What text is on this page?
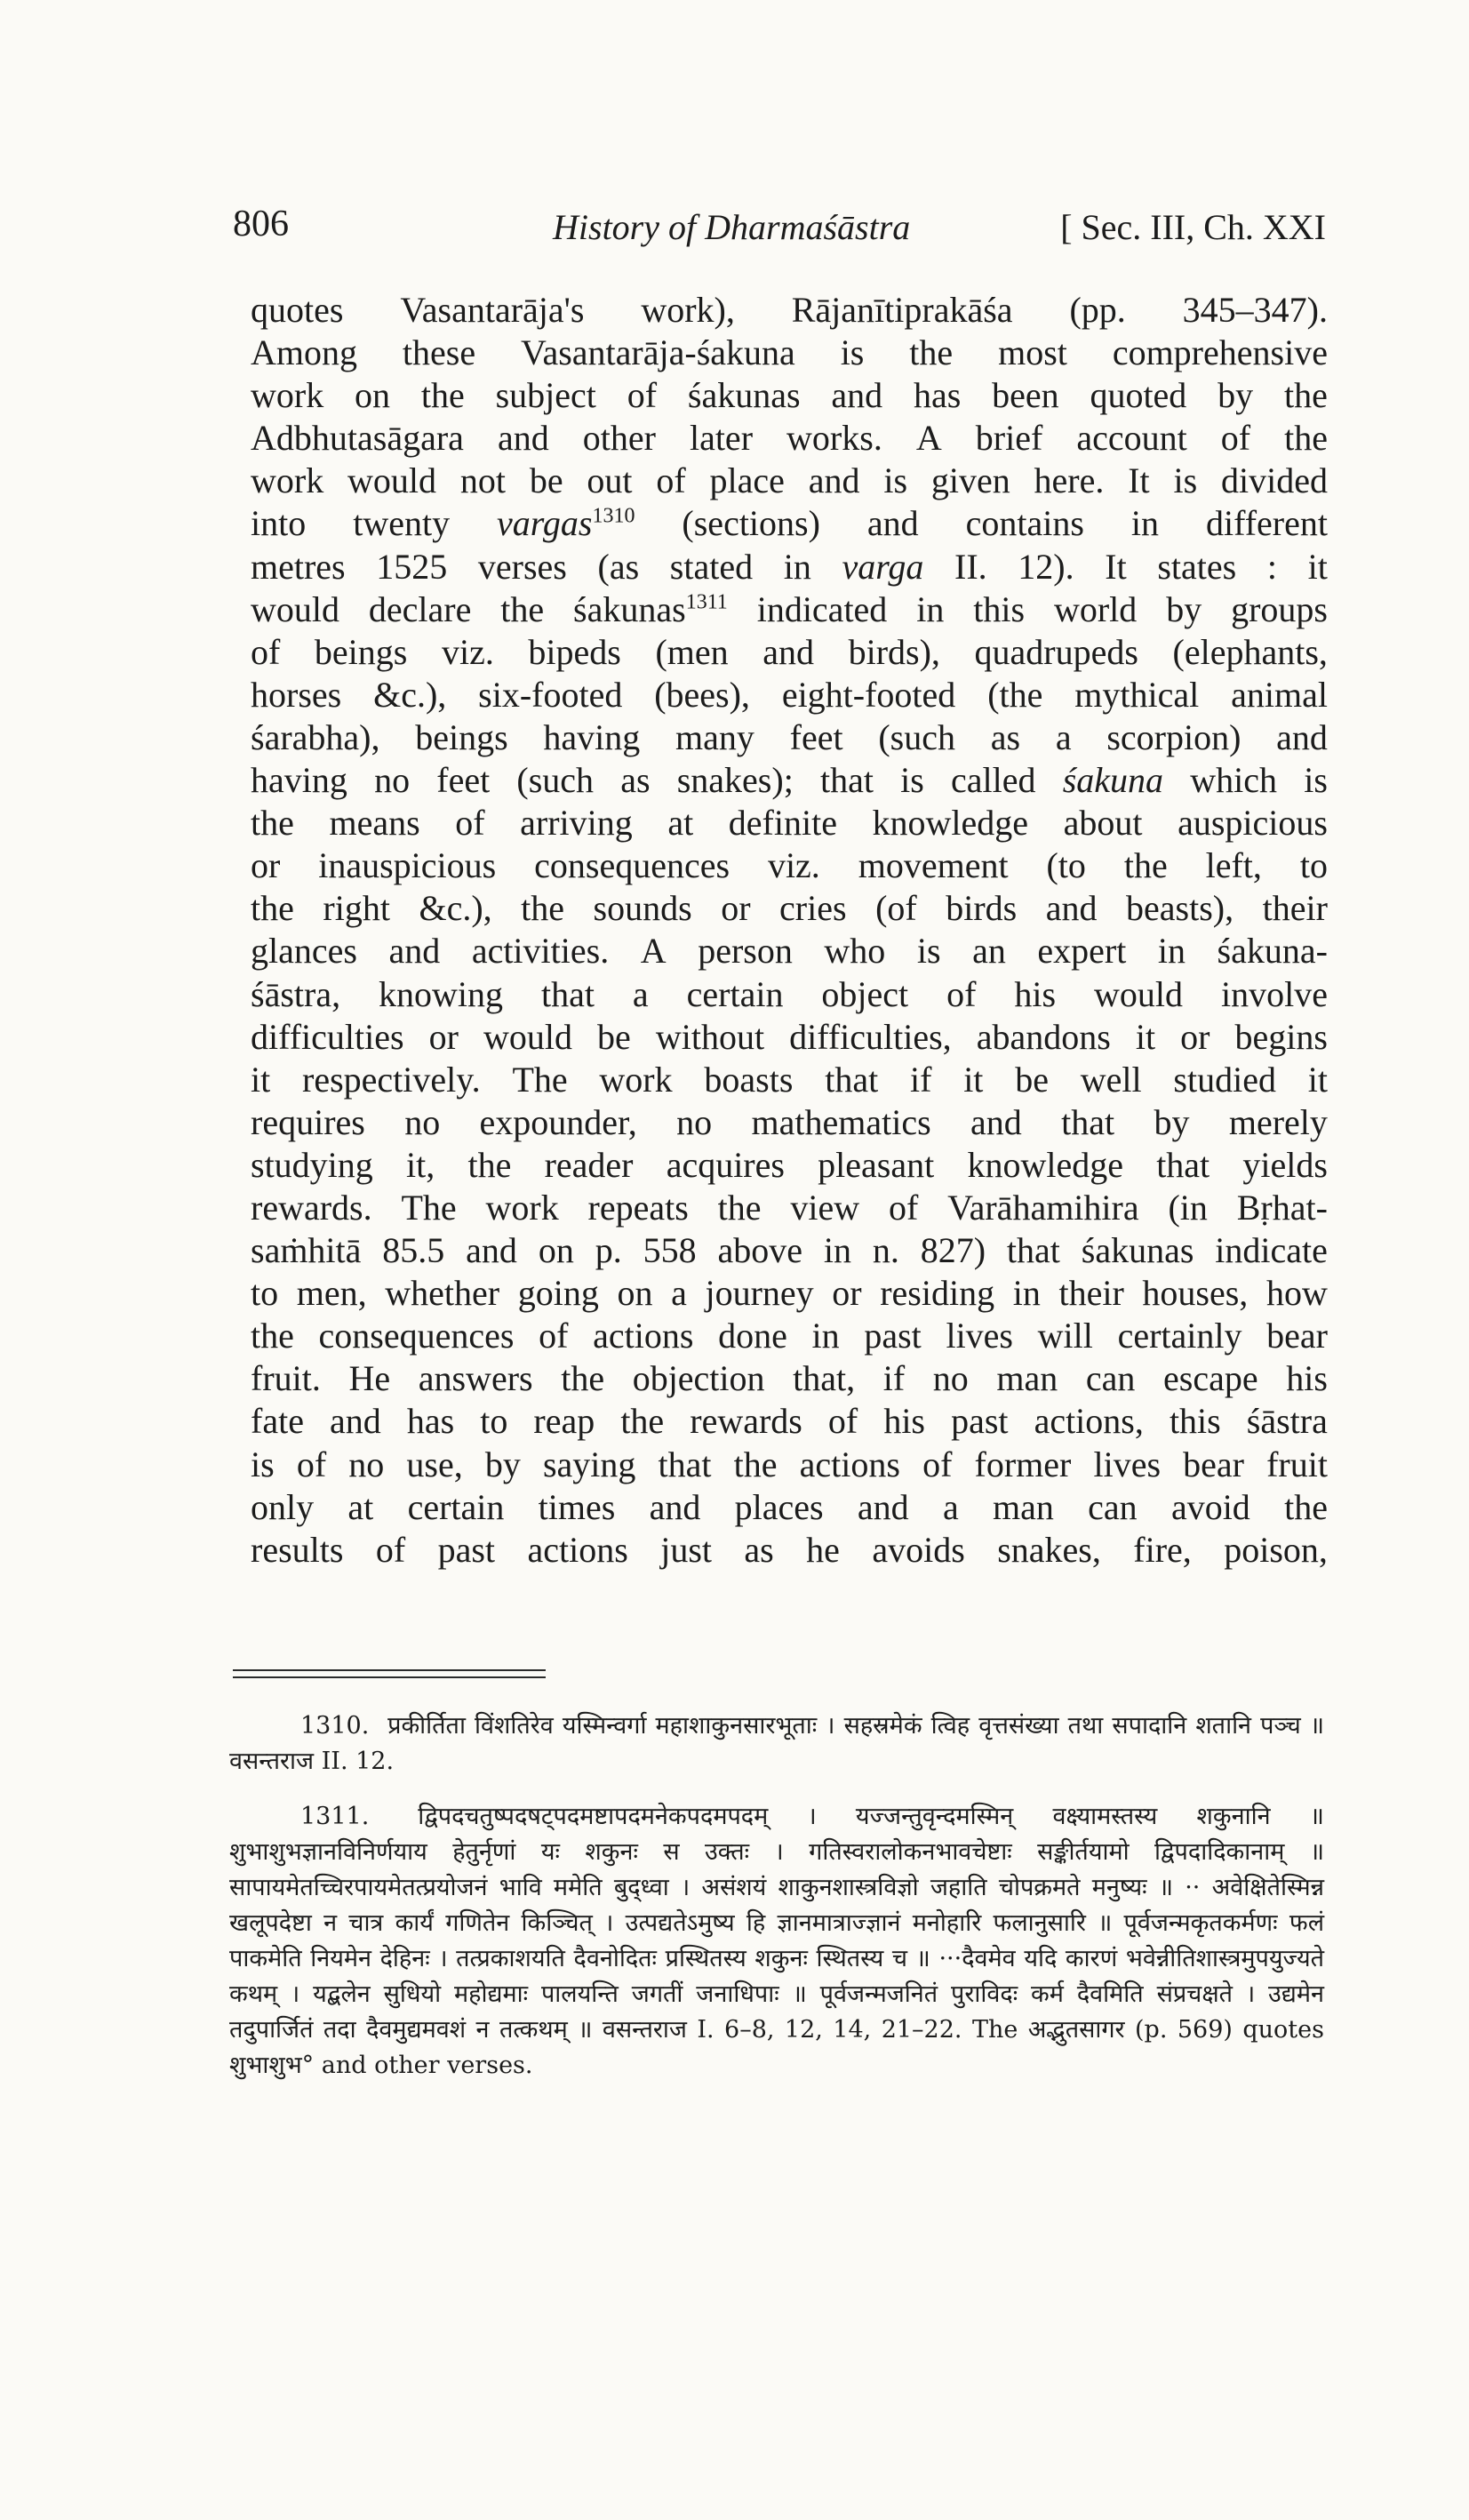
806	History of Dharmaśāstra	[ Sec. III, Ch. XXI
quotes Vasantarāja's work), Rājanītiprakāśa (pp. 345–347).
Among these Vasantarāja-śakuna is the most comprehensive
work on the subject of śakunas and has been quoted by the
Adbhutasāgara and other later works. A brief account of the
work would not be out of place and is given here. It is divided
into twenty vargas$^{1310}$ (sections) and contains in different
metres 1525 verses (as stated in varga II. 12). It states : it
would declare the śakunas$^{1311}$ indicated in this world by groups
of beings viz. bipeds (men and birds), quadrupeds (elephants,
horses &c.), six-footed (bees), eight-footed (the mythical animal
śarabha), beings having many feet (such as a scorpion) and
having no feet (such as snakes); that is called śakuna which is
the means of arriving at definite knowledge about auspicious
or inauspicious consequences viz. movement (to the left, to
the right &c.), the sounds or cries (of birds and beasts), their
glances and activities. A person who is an expert in śakuna-
śāstra, knowing that a certain object of his would involve
difficulties or would be without difficulties, abandons it or begins
it respectively. The work boasts that if it be well studied it
requires no expounder, no mathematics and that by merely
studying it, the reader acquires pleasant knowledge that yields
rewards. The work repeats the view of Varāhamihira (in Bṛhat-
saṁhitā 85.5 and on p. 558 above in n. 827) that śakunas indicate
to men, whether going on a journey or residing in their houses, how
the consequences of actions done in past lives will certainly bear
fruit. He answers the objection that, if no man can escape his
fate and has to reap the rewards of his past actions, this śāstra
is of no use, by saying that the actions of former lives bear fruit
only at certain times and places and a man can avoid the
results of past actions just as he avoids snakes, fire, poison,

1310. प्रकीर्तिता विंशतिरेव यस्मिन्वर्गा महाशाकुनसारभूताः । सहस्रमेकं त्विह वृत्तसंख्या तथा सपादानि शतानि पञ्च ॥ वसन्तराज II. 12.

1311. द्विपदचतुष्पदषट्पदमष्टापदमनेकपदमपदम् । यज्जन्तुवृन्दमस्मिन् वक्ष्यामस्तस्य शकुनानि ॥ शुभाशुभज्ञानविनिर्णयाय हेतुर्नृणां यः शकुनः स उक्तः । गतिस्वरालोकनभावचेष्टाः सङ्कीर्तयामो द्विपदादिकानाम् ॥ सापायमेतच्चिरपायमेतत्प्रयोजनं भावि ममेति बुद्ध्वा । असंशयं शाकुनशास्त्रविज्ञो जहाति चोपक्रमते मनुष्यः ॥ ·· अवेक्षितेस्मिन्न खलूपदेष्टा न चात्र कार्यं गणितेन किञ्चित् । उत्पद्यतेऽमुष्य हि ज्ञानमात्राज्ज्ञानं मनोहारि फलानुसारि ॥ पूर्वजन्मकृतकर्मणः फलं पाकमेति नियमेन देहिनः । तत्प्रकाशयति दैवनोदितः प्रस्थितस्य शकुनः स्थितस्य च ॥ ···दैवमेव यदि कारणं भवेन्नीतिशास्त्रमुपयुज्यते कथम् । यद्बलेन सुधियो महोद्यमाः पालयन्ति जगतीं जनाधिपाः ॥ पूर्वजन्मजनितं पुराविदः कर्म दैवमिति संप्रचक्षते । उद्यमेन तदुपार्जितं तदा दैवमुद्यमवशं न तत्कथम् ॥ वसन्तराज I. 6–8, 12, 14, 21–22. The अद्भुतसागर (p. 569) quotes शुभाशुभ° and other verses.
